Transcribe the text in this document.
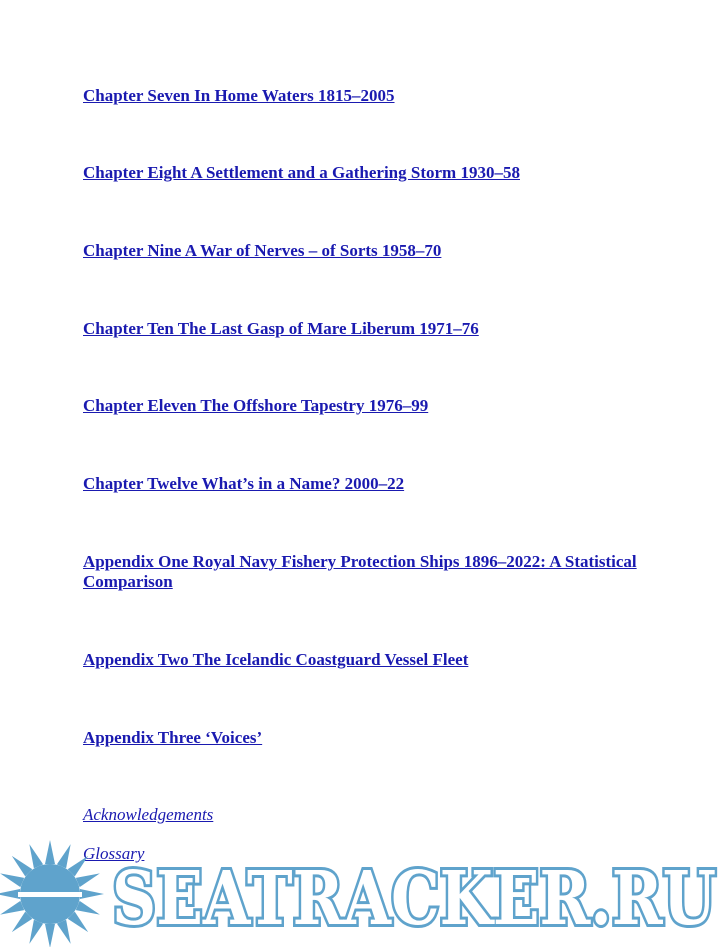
Chapter Seven In Home Waters 1815–2005
Chapter Eight A Settlement and a Gathering Storm 1930–58
Chapter Nine A War of Nerves – of Sorts 1958–70
Chapter Ten The Last Gasp of Mare Liberum 1971–76
Chapter Eleven The Offshore Tapestry 1976–99
Chapter Twelve What’s in a Name? 2000–22
Appendix One Royal Navy Fishery Protection Ships 1896–2022: A Statistical Comparison
Appendix Two The Icelandic Coastguard Vessel Fleet
Appendix Three ‘Voices’
Acknowledgements
Glossary
SEATRACKER.RU
